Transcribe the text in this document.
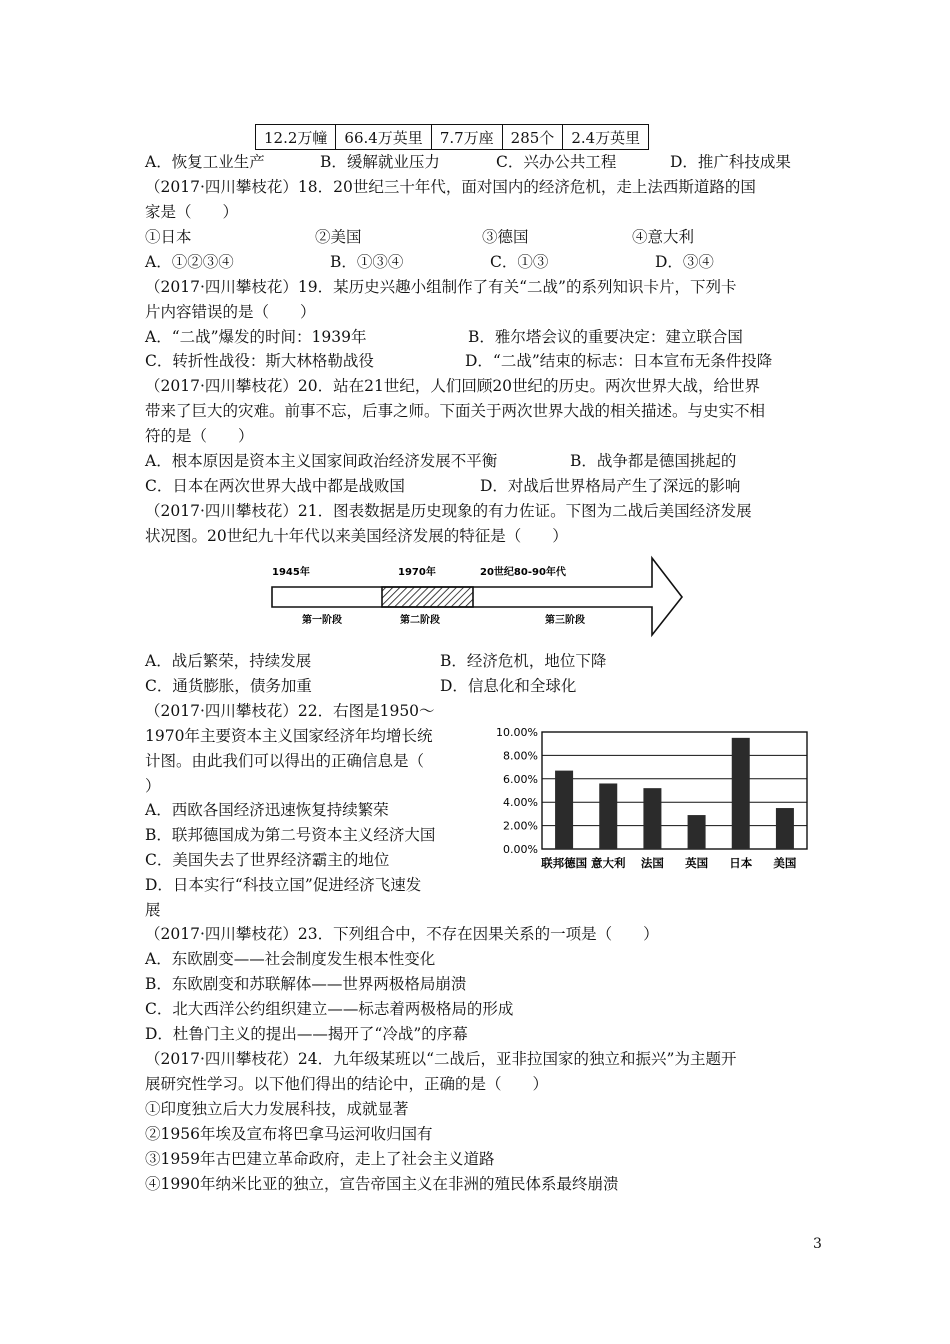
12.2万幢	66.4万英里	7.7万座	285个	2.4万英里
A．恢复工业生产	B．缓解就业压力	C．兴办公共工程	D．推广科技成果
（2017·四川攀枝花）18．20世纪三十年代，面对国内的经济危机，走上法西斯道路的国
家是（　　）
①日本	②美国	③德国	④意大利
A．①②③④	B．①③④	C．①③	D．③④
（2017·四川攀枝花）19．某历史兴趣小组制作了有关“二战”的系列知识卡片，下列卡
片内容错误的是（　　）
A．“二战”爆发的时间：1939年	B．雅尔塔会议的重要决定：建立联合国
C．转折性战役：斯大林格勒战役	D．“二战”结束的标志：日本宣布无条件投降
（2017·四川攀枝花）20．站在21世纪，人们回顾20世纪的历史。两次世界大战，给世界
带来了巨大的灾难。前事不忘，后事之师。下面关于两次世界大战的相关描述。与史实不相
符的是（　　）
A．根本原因是资本主义国家间政治经济发展不平衡	B．战争都是德国挑起的
C．日本在两次世界大战中都是战败国	D．对战后世界格局产生了深远的影响
（2017·四川攀枝花）21．图表数据是历史现象的有力佐证。下图为二战后美国经济发展
状况图。20世纪九十年代以来美国经济发展的特征是（　　）
1945年	1970年	20世纪80-90年代
第一阶段	第二阶段	第三阶段
A．战后繁荣，持续发展	B．经济危机，地位下降
C．通货膨胀，债务加重	D．信息化和全球化
（2017·四川攀枝花）22．右图是1950～
1970年主要资本主义国家经济年均增长统
计图。由此我们可以得出的正确信息是（
）
A．西欧各国经济迅速恢复持续繁荣
B．联邦德国成为第二号资本主义经济大国
C．美国失去了世界经济霸主的地位
D．日本实行“科技立国”促进经济飞速发
展
0.00%
2.00%
4.00%
6.00%
8.00%
10.00%
联邦德国 意大利 法国 英国 日本 美国
（2017·四川攀枝花）23．下列组合中，不存在因果关系的一项是（　　）
A．东欧剧变——社会制度发生根本性变化
B．东欧剧变和苏联解体——世界两极格局崩溃
C．北大西洋公约组织建立——标志着两极格局的形成
D．杜鲁门主义的提出——揭开了“冷战”的序幕
（2017·四川攀枝花）24．九年级某班以“二战后，亚非拉国家的独立和振兴”为主题开
展研究性学习。以下他们得出的结论中，正确的是（　　）
①印度独立后大力发展科技，成就显著
②1956年埃及宣布将巴拿马运河收归国有
③1959年古巴建立革命政府，走上了社会主义道路
④1990年纳米比亚的独立，宣告帝国主义在非洲的殖民体系最终崩溃
3
